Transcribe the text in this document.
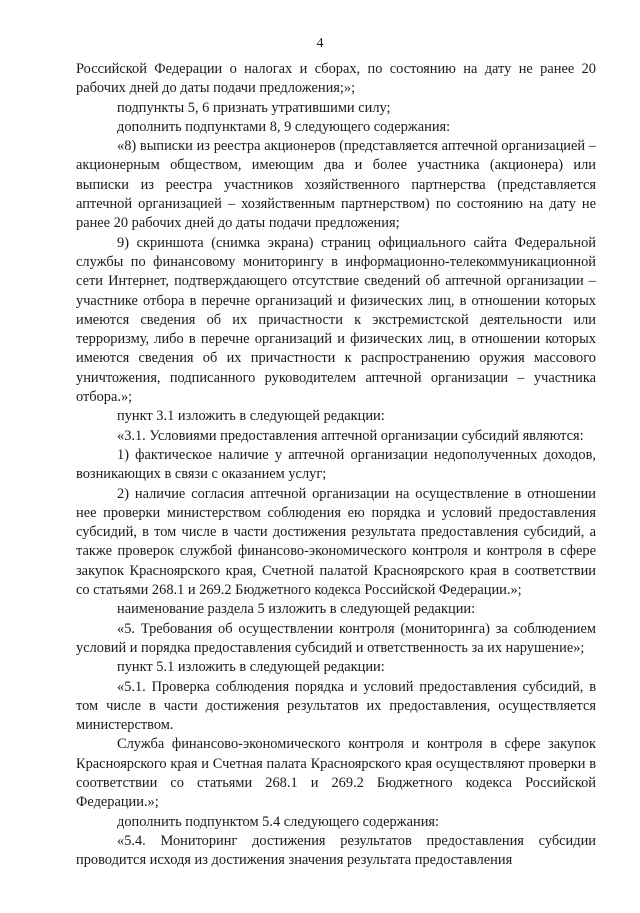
4

Российской Федерации о налогах и сборах, по состоянию на дату не ранее 20 рабочих дней до даты подачи предложения;»;

подпункты 5, 6 признать утратившими силу;

дополнить подпунктами 8, 9 следующего содержания:

«8) выписки из реестра акционеров (представляется аптечной организацией – акционерным обществом, имеющим два и более участника (акционера) или выписки из реестра участников хозяйственного партнерства (представляется аптечной организацией – хозяйственным партнерством) по состоянию на дату не ранее 20 рабочих дней до даты подачи предложения;

9) скриншота (снимка экрана) страниц официального сайта Федеральной службы по финансовому мониторингу в информационно-телекоммуникационной сети Интернет, подтверждающего отсутствие сведений об аптечной организации – участнике отбора в перечне организаций и физических лиц, в отношении которых имеются сведения об их причастности к экстремистской деятельности или терроризму, либо в перечне организаций и физических лиц, в отношении которых имеются сведения об их причастности к распространению оружия массового уничтожения, подписанного руководителем аптечной организации – участника отбора.»;

пункт 3.1 изложить в следующей редакции:

«3.1. Условиями предоставления аптечной организации субсидий являются:

1) фактическое наличие у аптечной организации недополученных доходов, возникающих в связи с оказанием услуг;

2) наличие согласия аптечной организации на осуществление в отношении нее проверки министерством соблюдения ею порядка и условий предоставления субсидий, в том числе в части достижения результата предоставления субсидий, а также проверок службой финансово-экономического контроля и контроля в сфере закупок Красноярского края, Счетной палатой Красноярского края в соответствии со статьями 268.1 и 269.2 Бюджетного кодекса Российской Федерации.»;

наименование раздела 5 изложить в следующей редакции:

«5. Требования об осуществлении контроля (мониторинга) за соблюдением условий и порядка предоставления субсидий и ответственность за их нарушение»;

пункт 5.1 изложить в следующей редакции:

«5.1. Проверка соблюдения порядка и условий предоставления субсидий, в том числе в части достижения результатов их предоставления, осуществляется министерством.

Служба финансово-экономического контроля и контроля в сфере закупок Красноярского края и Счетная палата Красноярского края осуществляют проверки в соответствии со статьями 268.1 и 269.2 Бюджетного кодекса Российской Федерации.»;

дополнить подпунктом 5.4 следующего содержания:

«5.4. Мониторинг достижения результатов предоставления субсидии проводится исходя из достижения значения результата предоставления
